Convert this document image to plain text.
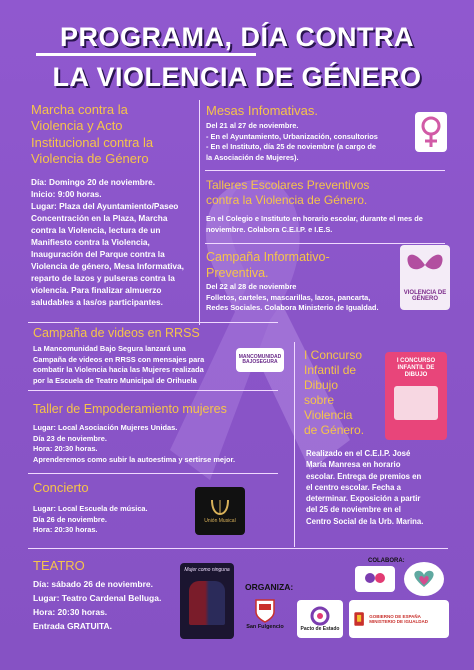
PROGRAMA, DÍA CONTRA
LA VIOLENCIA DE GÉNERO
Marcha contra la
Violencia y Acto
Institucional contra la
Violencia de Género
Día: Domingo 20 de noviembre.
Inicio: 9:00 horas.
Lugar: Plaza del Ayuntamiento/Paseo
Concentración en la Plaza, Marcha
contra la Violencia, lectura de un
Manifiesto contra la Violencia,
Inauguración del Parque contra la
Violencia de género, Mesa Informativa,
reparto de lazos y pulseras contra la
violencia. Para finalizar almuerzo
saludables a las/os participantes.
Mesas Infomativas.
Del 21 al 27 de noviembre.
- En el Ayuntamiento, Urbanización, consultorios
- En el Instituto, día 25 de noviembre (a cargo de
la Asociación de Mujeres).
Talleres Escolares Preventivos
contra la Violencia de Género.
En el Colegio e Instituto en horario escolar, durante el mes de
noviembre. Colabora C.E.I.P. e I.E.S.
Campaña Informativo-
Preventiva.
Del 22 al 28 de noviembre
Folletos, carteles, mascarillas, lazos, pancarta,
Redes Sociales. Colabora Ministerio de Igualdad.
VIOLENCIA DE GÉNERO
Campaña de videos en RRSS
La Mancomunidad Bajo Segura lanzará una
Campaña de videos en RRSS con mensajes para
combatir la Violencia hacia las Mujeres realizada
por la Escuela de Teatro Municipal de Orihuela
MANCOMUNIDAD
BAJOSEGURA	I Concurso
Infantil de
Dibujo
sobre
Violencia
de Género.
I CONCURSO
INFANTIL DE
DIBUJO
Realizado en el C.E.I.P. José
María Manresa en horario
escolar. Entrega de premios en
el centro escolar. Fecha a
determinar. Exposición a partir
del 25 de noviembre en el
Centro Social de la Urb. Marina.
Taller de Empoderamiento mujeres
Lugar: Local Asociación Mujeres Unidas.
Día 23 de noviembre.
Hora: 20:30 horas.
Aprenderemos como subir la autoestima y sertirse mejor.
Concierto
Lugar: Local Escuela de música.
Día 26 de noviembre.
Hora: 20:30 horas.
Unión Musical
TEATRO
Día: sábado 26 de noviembre.
Lugar: Teatro Cardenal Belluga.
Hora: 20:30 horas.
Entrada GRATUITA.
Mujer como ninguna
ORGANIZA:
COLABORA:
San Fulgencio	Pacto de Estado
GOBIERNO DE ESPAÑA MINISTERIO DE IGUALDAD
